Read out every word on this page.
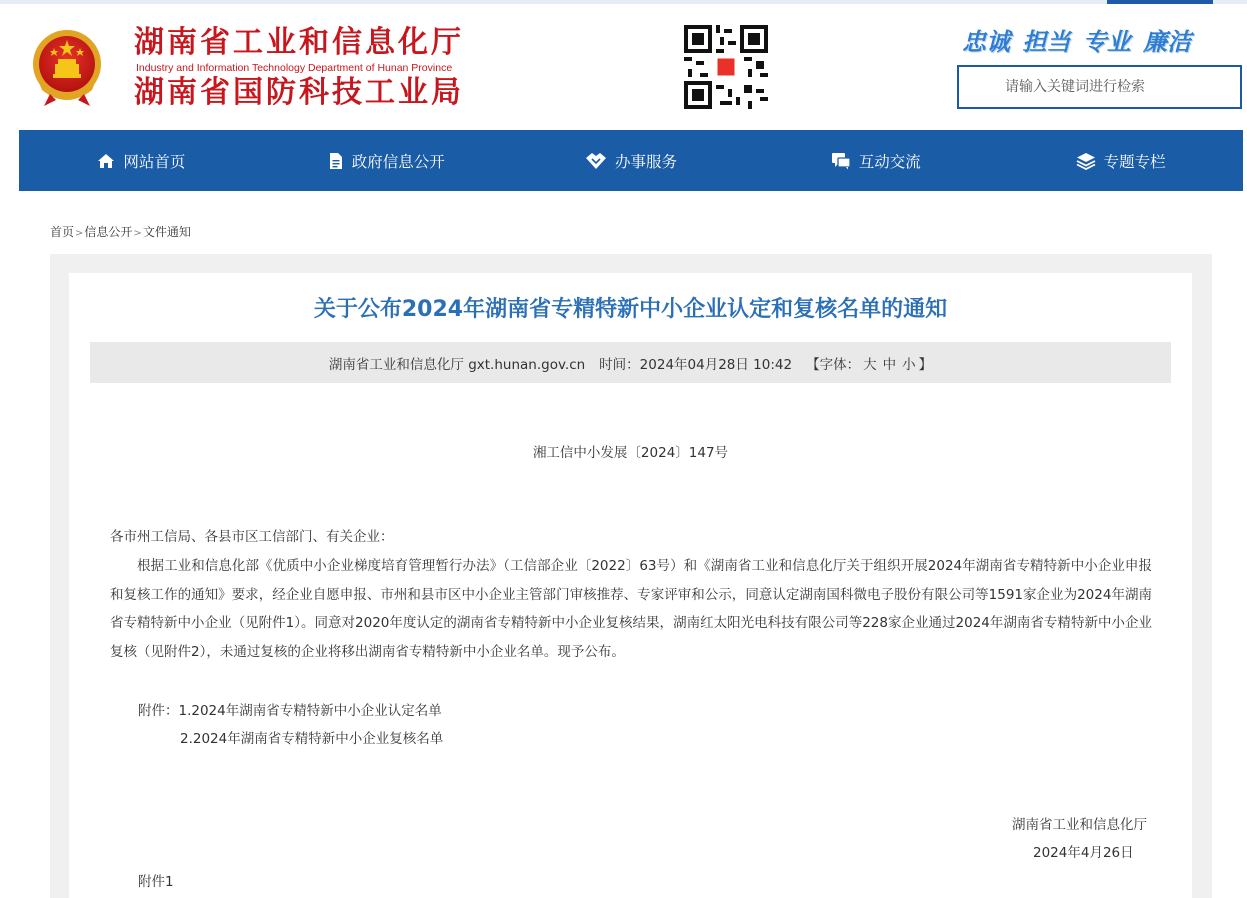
湖南省工业和信息化厅
Industry and Information Technology Department of Hunan Province
湖南省国防科技工业局
忠诚 担当 专业 廉洁
请输入关键词进行检索
网站首页	政府信息公开	办事服务	互动交流	专题专栏
首页>信息公开>文件通知
关于公布2024年湖南省专精特新中小企业认定和复核名单的通知
湖南省工业和信息化厅 gxt.hunan.gov.cn 时间：2024年04月28日 10:42 【字体： 大 中 小 】
湘工信中小发展〔2024〕147号
各市州工信局、各县市区工信部门、有关企业：
根据工业和信息化部《优质中小企业梯度培育管理暂行办法》（工信部企业〔2022〕63号）和《湖南省工业和信息化厅关于组织开展2024年湖南省专精特新中小企业申报和复核工作的通知》要求，经企业自愿申报、市州和县市区中小企业主管部门审核推荐、专家评审和公示，同意认定湖南国科微电子股份有限公司等1591家企业为2024年湖南省专精特新中小企业（见附件1）。同意对2020年度认定的湖南省专精特新中小企业复核结果，湖南红太阳光电科技有限公司等228家企业通过2024年湖南省专精特新中小企业复核（见附件2），未通过复核的企业将移出湖南省专精特新中小企业名单。现予公布。
附件：1.2024年湖南省专精特新中小企业认定名单
2.2024年湖南省专精特新中小企业复核名单
湖南省工业和信息化厅
2024年4月26日
附件1
